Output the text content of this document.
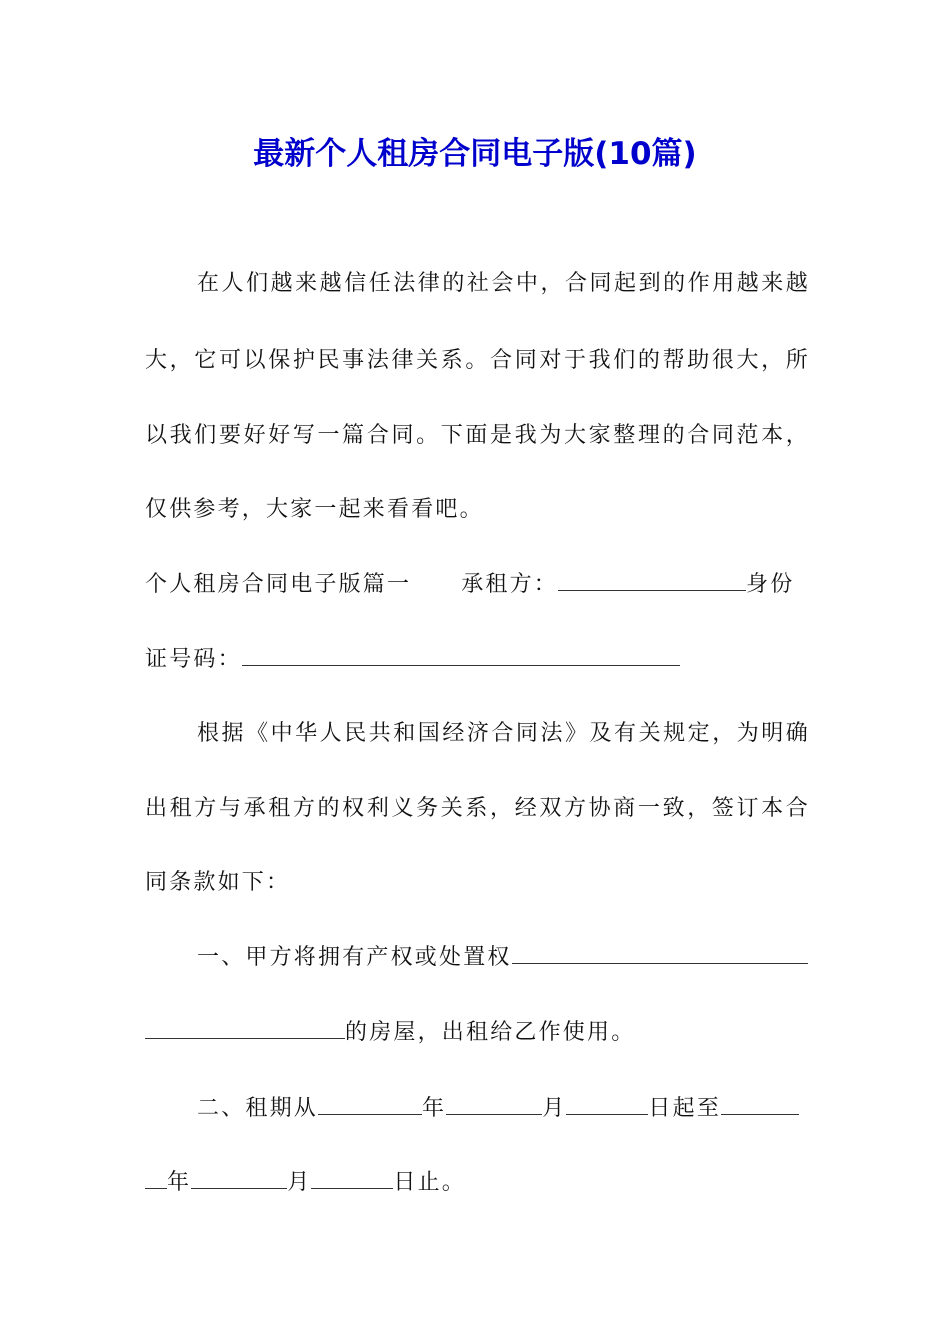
最新个人租房合同电子版(10篇)
在人们越来越信任法律的社会中，合同起到的作用越来越
大，它可以保护民事法律关系。合同对于我们的帮助很大，所
以我们要好好写一篇合同。下面是我为大家整理的合同范本，
仅供参考，大家一起来看看吧。
个人租房合同电子版篇一 承租方：	身份
证号码：
根据《中华人民共和国经济合同法》及有关规定，为明确
出租方与承租方的权利义务关系，经双方协商一致，签订本合
同条款如下：
一、甲方将拥有产权或处置权
的房屋，出租给乙作使用。
二、租期从	年	月	日起至
年	月	日止。
